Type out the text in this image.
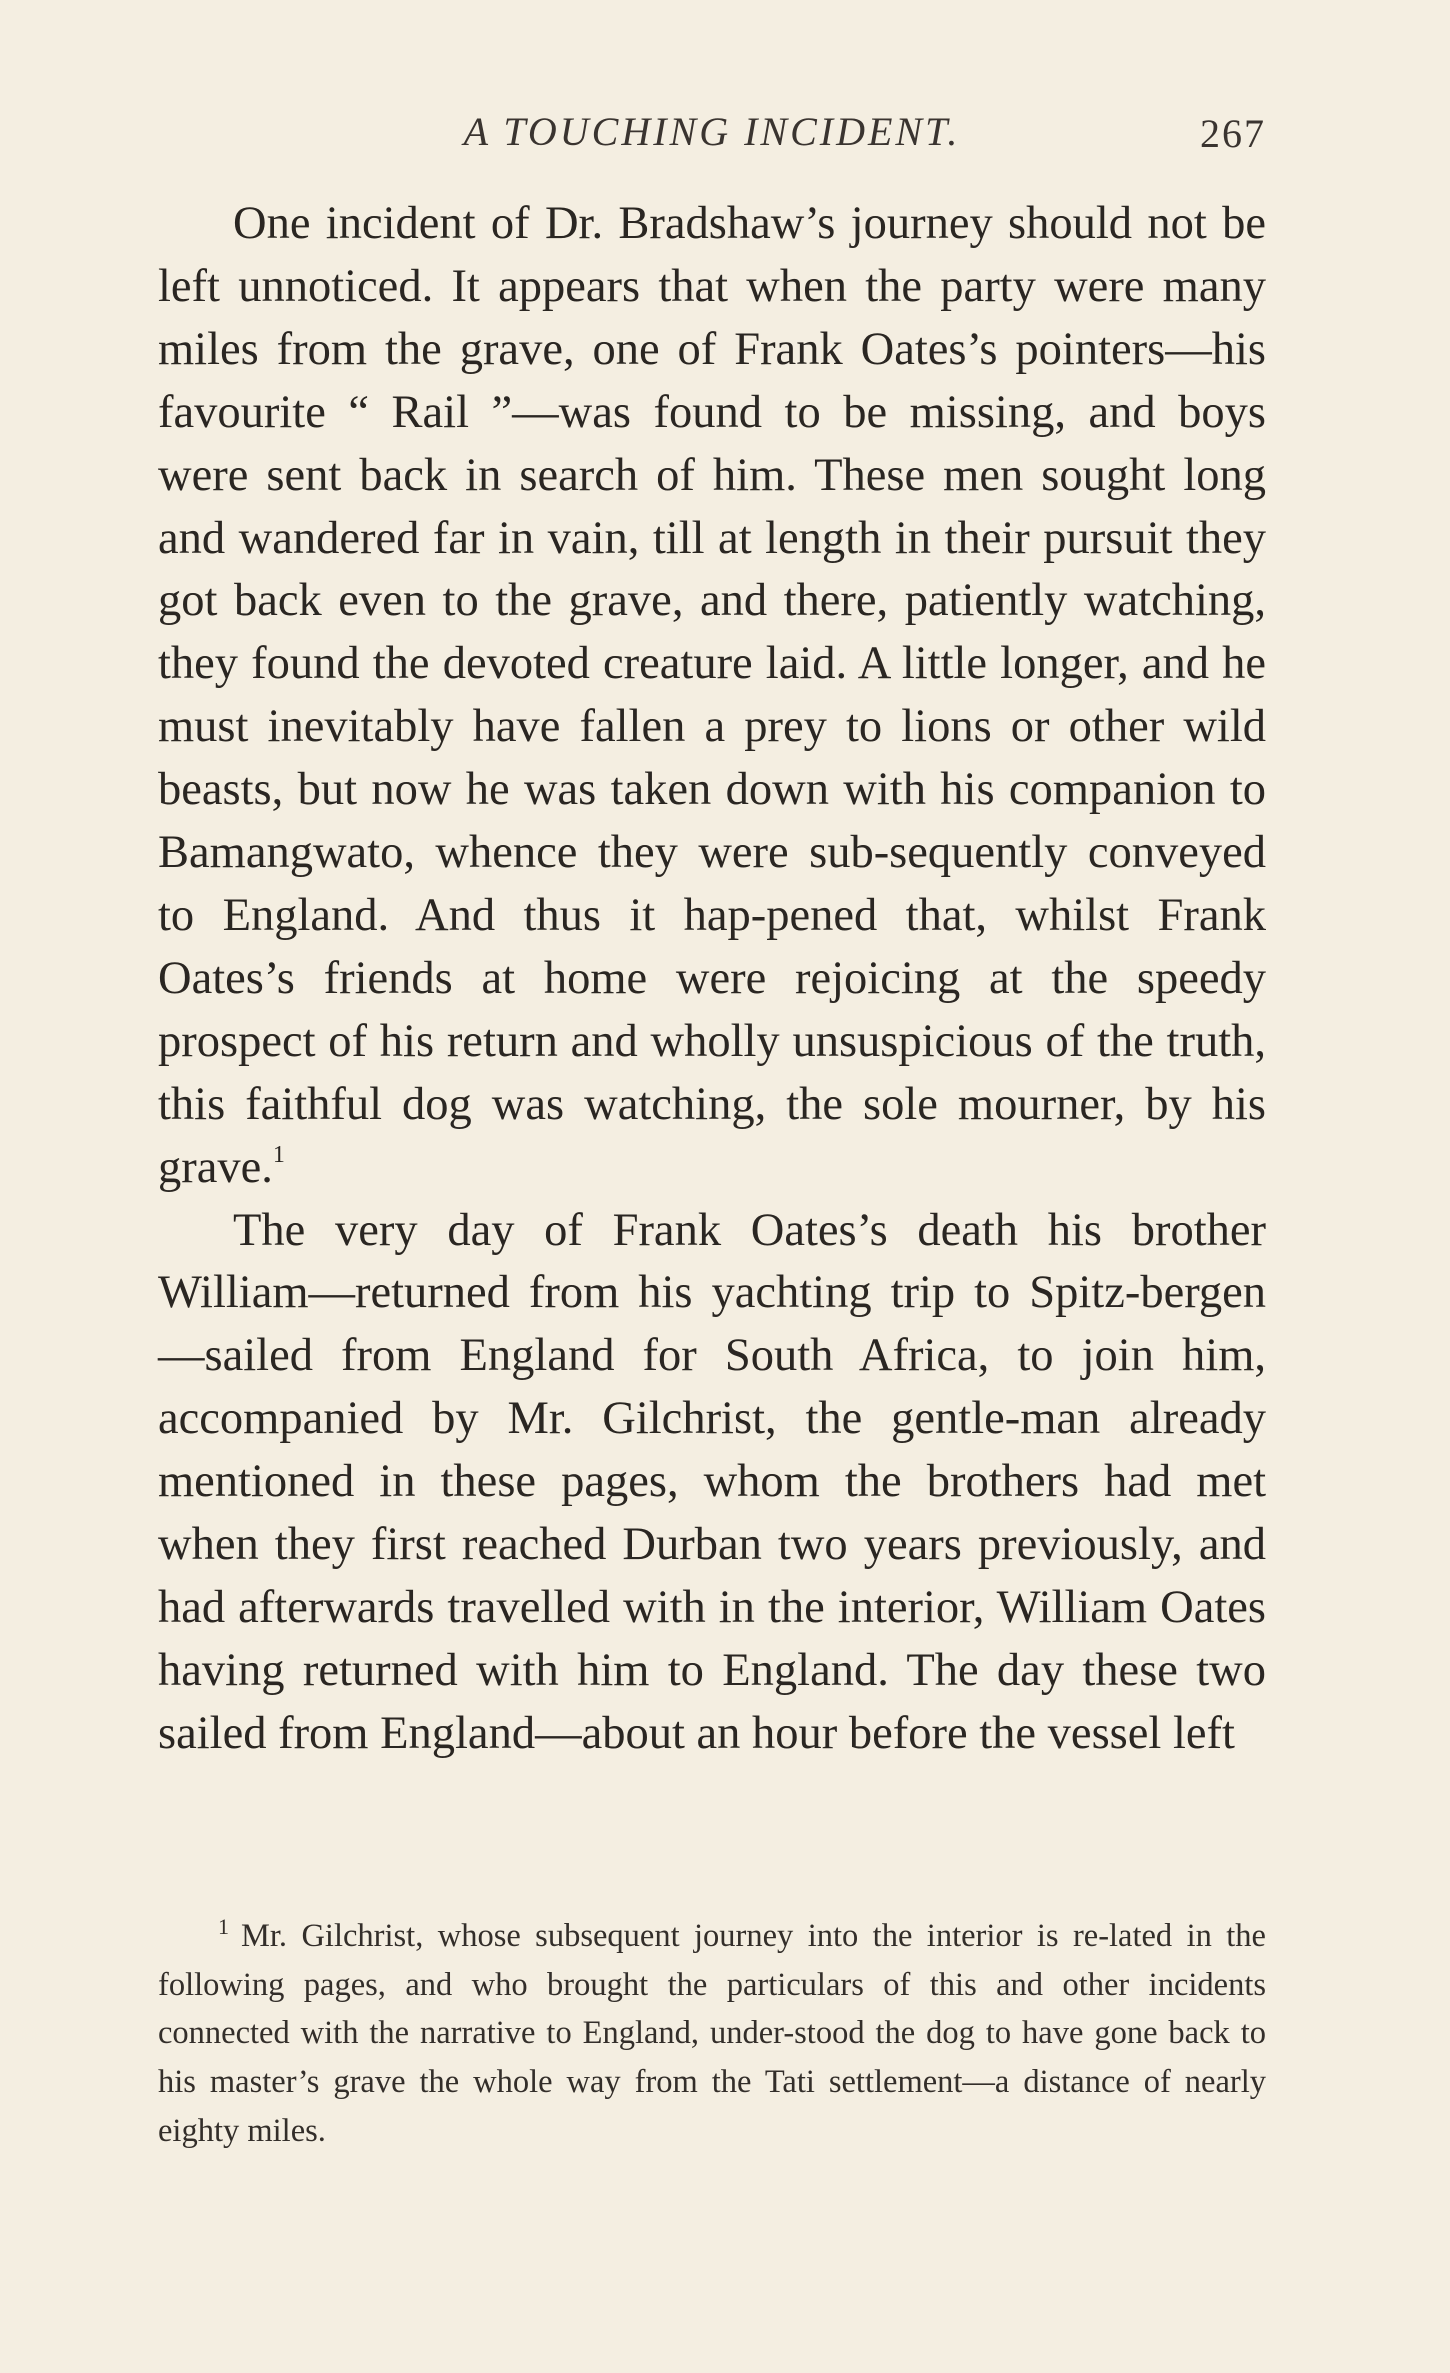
A TOUCHING INCIDENT.	267

One incident of Dr. Bradshaw’s journey should not be left unnoticed. It appears that when the party were many miles from the grave, one of Frank Oates’s pointers—his favourite “ Rail ”—was found to be missing, and boys were sent back in search of him. These men sought long and wandered far in vain, till at length in their pursuit they got back even to the grave, and there, patiently watching, they found the devoted creature laid. A little longer, and he must inevitably have fallen a prey to lions or other wild beasts, but now he was taken down with his companion to Bamangwato, whence they were sub-sequently conveyed to England. And thus it hap-pened that, whilst Frank Oates’s friends at home were rejoicing at the speedy prospect of his return and wholly unsuspicious of the truth, this faithful dog was watching, the sole mourner, by his grave.$^1$

The very day of Frank Oates’s death his brother William—returned from his yachting trip to Spitz-bergen—sailed from England for South Africa, to join him, accompanied by Mr. Gilchrist, the gentle-man already mentioned in these pages, whom the brothers had met when they first reached Durban two years previously, and had afterwards travelled with in the interior, William Oates having returned with him to England. The day these two sailed from England—about an hour before the vessel left

$^1$ Mr. Gilchrist, whose subsequent journey into the interior is re-lated in the following pages, and who brought the particulars of this and other incidents connected with the narrative to England, under-stood the dog to have gone back to his master’s grave the whole way from the Tati settlement—a distance of nearly eighty miles.
